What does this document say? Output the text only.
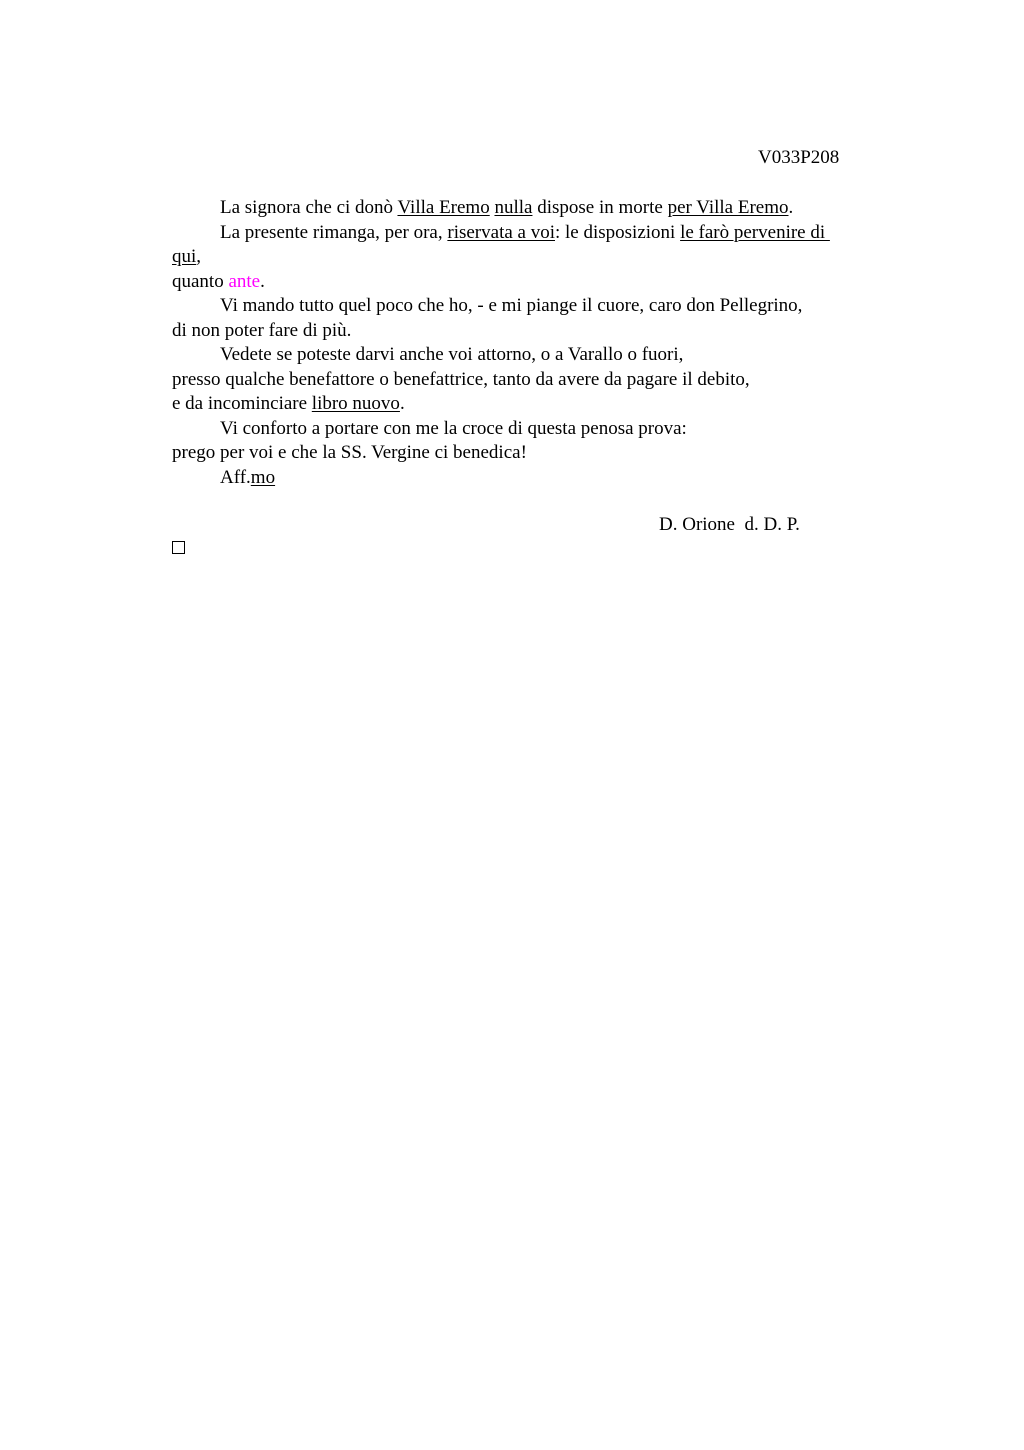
V033P208
La signora che ci donò Villa Eremo nulla dispose in morte per Villa Eremo.
La presente rimanga, per ora, riservata a voi: le disposizioni le farò pervenire di
qui,
quanto ante.
Vi mando tutto quel poco che ho, - e mi piange il cuore, caro don Pellegrino,
di non poter fare di più.
Vedete se poteste darvi anche voi attorno, o a Varallo o fuori,
presso qualche benefattore o benefattrice, tanto da avere da pagare il debito,
e da incominciare libro nuovo.
Vi conforto a portare con me la croce di questa penosa prova:
prego per voi e che la SS. Vergine ci benedica!
Aff.mo
D. Orione  d. D. P.
